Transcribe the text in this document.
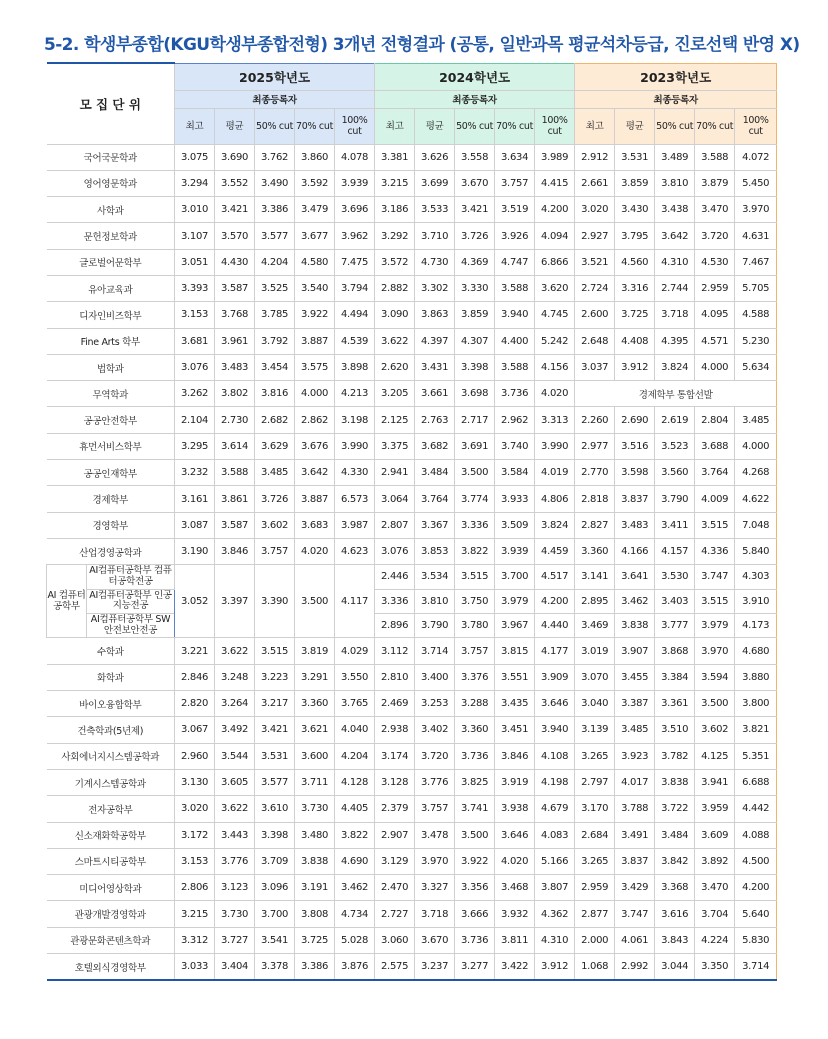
5-2. 학생부종합(KGU학생부종합전형) 3개년 전형결과 (공통, 일반과목 평균석차등급, 진로선택 반영 X)
모 집 단 위		2025학년도					2024학년도					2023학년도				
		최종등록자					최종등록자					최종등록자				
		최고	평균	50% cut	70% cut	100% cut	최고	평균	50% cut	70% cut	100% cut	최고	평균	50% cut	70% cut	100% cut
국어국문학과		3.075	3.690	3.762	3.860	4.078	3.381	3.626	3.558	3.634	3.989	2.912	3.531	3.489	3.588	4.072
영어영문학과		3.294	3.552	3.490	3.592	3.939	3.215	3.699	3.670	3.757	4.415	2.661	3.859	3.810	3.879	5.450
사학과		3.010	3.421	3.386	3.479	3.696	3.186	3.533	3.421	3.519	4.200	3.020	3.430	3.438	3.470	3.970
문헌정보학과		3.107	3.570	3.577	3.677	3.962	3.292	3.710	3.726	3.926	4.094	2.927	3.795	3.642	3.720	4.631
글로벌어문학부		3.051	4.430	4.204	4.580	7.475	3.572	4.730	4.369	4.747	6.866	3.521	4.560	4.310	4.530	7.467
유아교육과		3.393	3.587	3.525	3.540	3.794	2.882	3.302	3.330	3.588	3.620	2.724	3.316	2.744	2.959	5.705
디자인비즈학부		3.153	3.768	3.785	3.922	4.494	3.090	3.863	3.859	3.940	4.745	2.600	3.725	3.718	4.095	4.588
Fine Arts 학부		3.681	3.961	3.792	3.887	4.539	3.622	4.397	4.307	4.400	5.242	2.648	4.408	4.395	4.571	5.230
법학과		3.076	3.483	3.454	3.575	3.898	2.620	3.431	3.398	3.588	4.156	3.037	3.912	3.824	4.000	5.634
무역학과		3.262	3.802	3.816	4.000	4.213	3.205	3.661	3.698	3.736	4.020	경제학부 통합선발				
공공안전학부		2.104	2.730	2.682	2.862	3.198	2.125	2.763	2.717	2.962	3.313	2.260	2.690	2.619	2.804	3.485
휴먼서비스학부		3.295	3.614	3.629	3.676	3.990	3.375	3.682	3.691	3.740	3.990	2.977	3.516	3.523	3.688	4.000
공공인재학부		3.232	3.588	3.485	3.642	4.330	2.941	3.484	3.500	3.584	4.019	2.770	3.598	3.560	3.764	4.268
경제학부		3.161	3.861	3.726	3.887	6.573	3.064	3.764	3.774	3.933	4.806	2.818	3.837	3.790	4.009	4.622
경영학부		3.087	3.587	3.602	3.683	3.987	2.807	3.367	3.336	3.509	3.824	2.827	3.483	3.411	3.515	7.048
산업경영공학과		3.190	3.846	3.757	4.020	4.623	3.076	3.853	3.822	3.939	4.459	3.360	4.166	4.157	4.336	5.840
AI 컴퓨터 공학부	AI컴퓨터공학부 컴퓨터공학전공	3.052	3.397	3.390	3.500	4.117	2.446	3.534	3.515	3.700	4.517	3.141	3.641	3.530	3.747	4.303
	AI컴퓨터공학부 인공지능전공						3.336	3.810	3.750	3.979	4.200	2.895	3.462	3.403	3.515	3.910
	AI컴퓨터공학부 SW안전보안전공						2.896	3.790	3.780	3.967	4.440	3.469	3.838	3.777	3.979	4.173
수학과		3.221	3.622	3.515	3.819	4.029	3.112	3.714	3.757	3.815	4.177	3.019	3.907	3.868	3.970	4.680
화학과		2.846	3.248	3.223	3.291	3.550	2.810	3.400	3.376	3.551	3.909	3.070	3.455	3.384	3.594	3.880
바이오융합학부		2.820	3.264	3.217	3.360	3.765	2.469	3.253	3.288	3.435	3.646	3.040	3.387	3.361	3.500	3.800
건축학과(5년제)		3.067	3.492	3.421	3.621	4.040	2.938	3.402	3.360	3.451	3.940	3.139	3.485	3.510	3.602	3.821
사회에너지시스템공학과		2.960	3.544	3.531	3.600	4.204	3.174	3.720	3.736	3.846	4.108	3.265	3.923	3.782	4.125	5.351
기계시스템공학과		3.130	3.605	3.577	3.711	4.128	3.128	3.776	3.825	3.919	4.198	2.797	4.017	3.838	3.941	6.688
전자공학부		3.020	3.622	3.610	3.730	4.405	2.379	3.757	3.741	3.938	4.679	3.170	3.788	3.722	3.959	4.442
신소재화학공학부		3.172	3.443	3.398	3.480	3.822	2.907	3.478	3.500	3.646	4.083	2.684	3.491	3.484	3.609	4.088
스마트시티공학부		3.153	3.776	3.709	3.838	4.690	3.129	3.970	3.922	4.020	5.166	3.265	3.837	3.842	3.892	4.500
미디어영상학과		2.806	3.123	3.096	3.191	3.462	2.470	3.327	3.356	3.468	3.807	2.959	3.429	3.368	3.470	4.200
관광개발경영학과		3.215	3.730	3.700	3.808	4.734	2.727	3.718	3.666	3.932	4.362	2.877	3.747	3.616	3.704	5.640
관광문화콘텐츠학과		3.312	3.727	3.541	3.725	5.028	3.060	3.670	3.736	3.811	4.310	2.000	4.061	3.843	4.224	5.830
호텔외식경영학부		3.033	3.404	3.378	3.386	3.876	2.575	3.237	3.277	3.422	3.912	1.068	2.992	3.044	3.350	3.714
